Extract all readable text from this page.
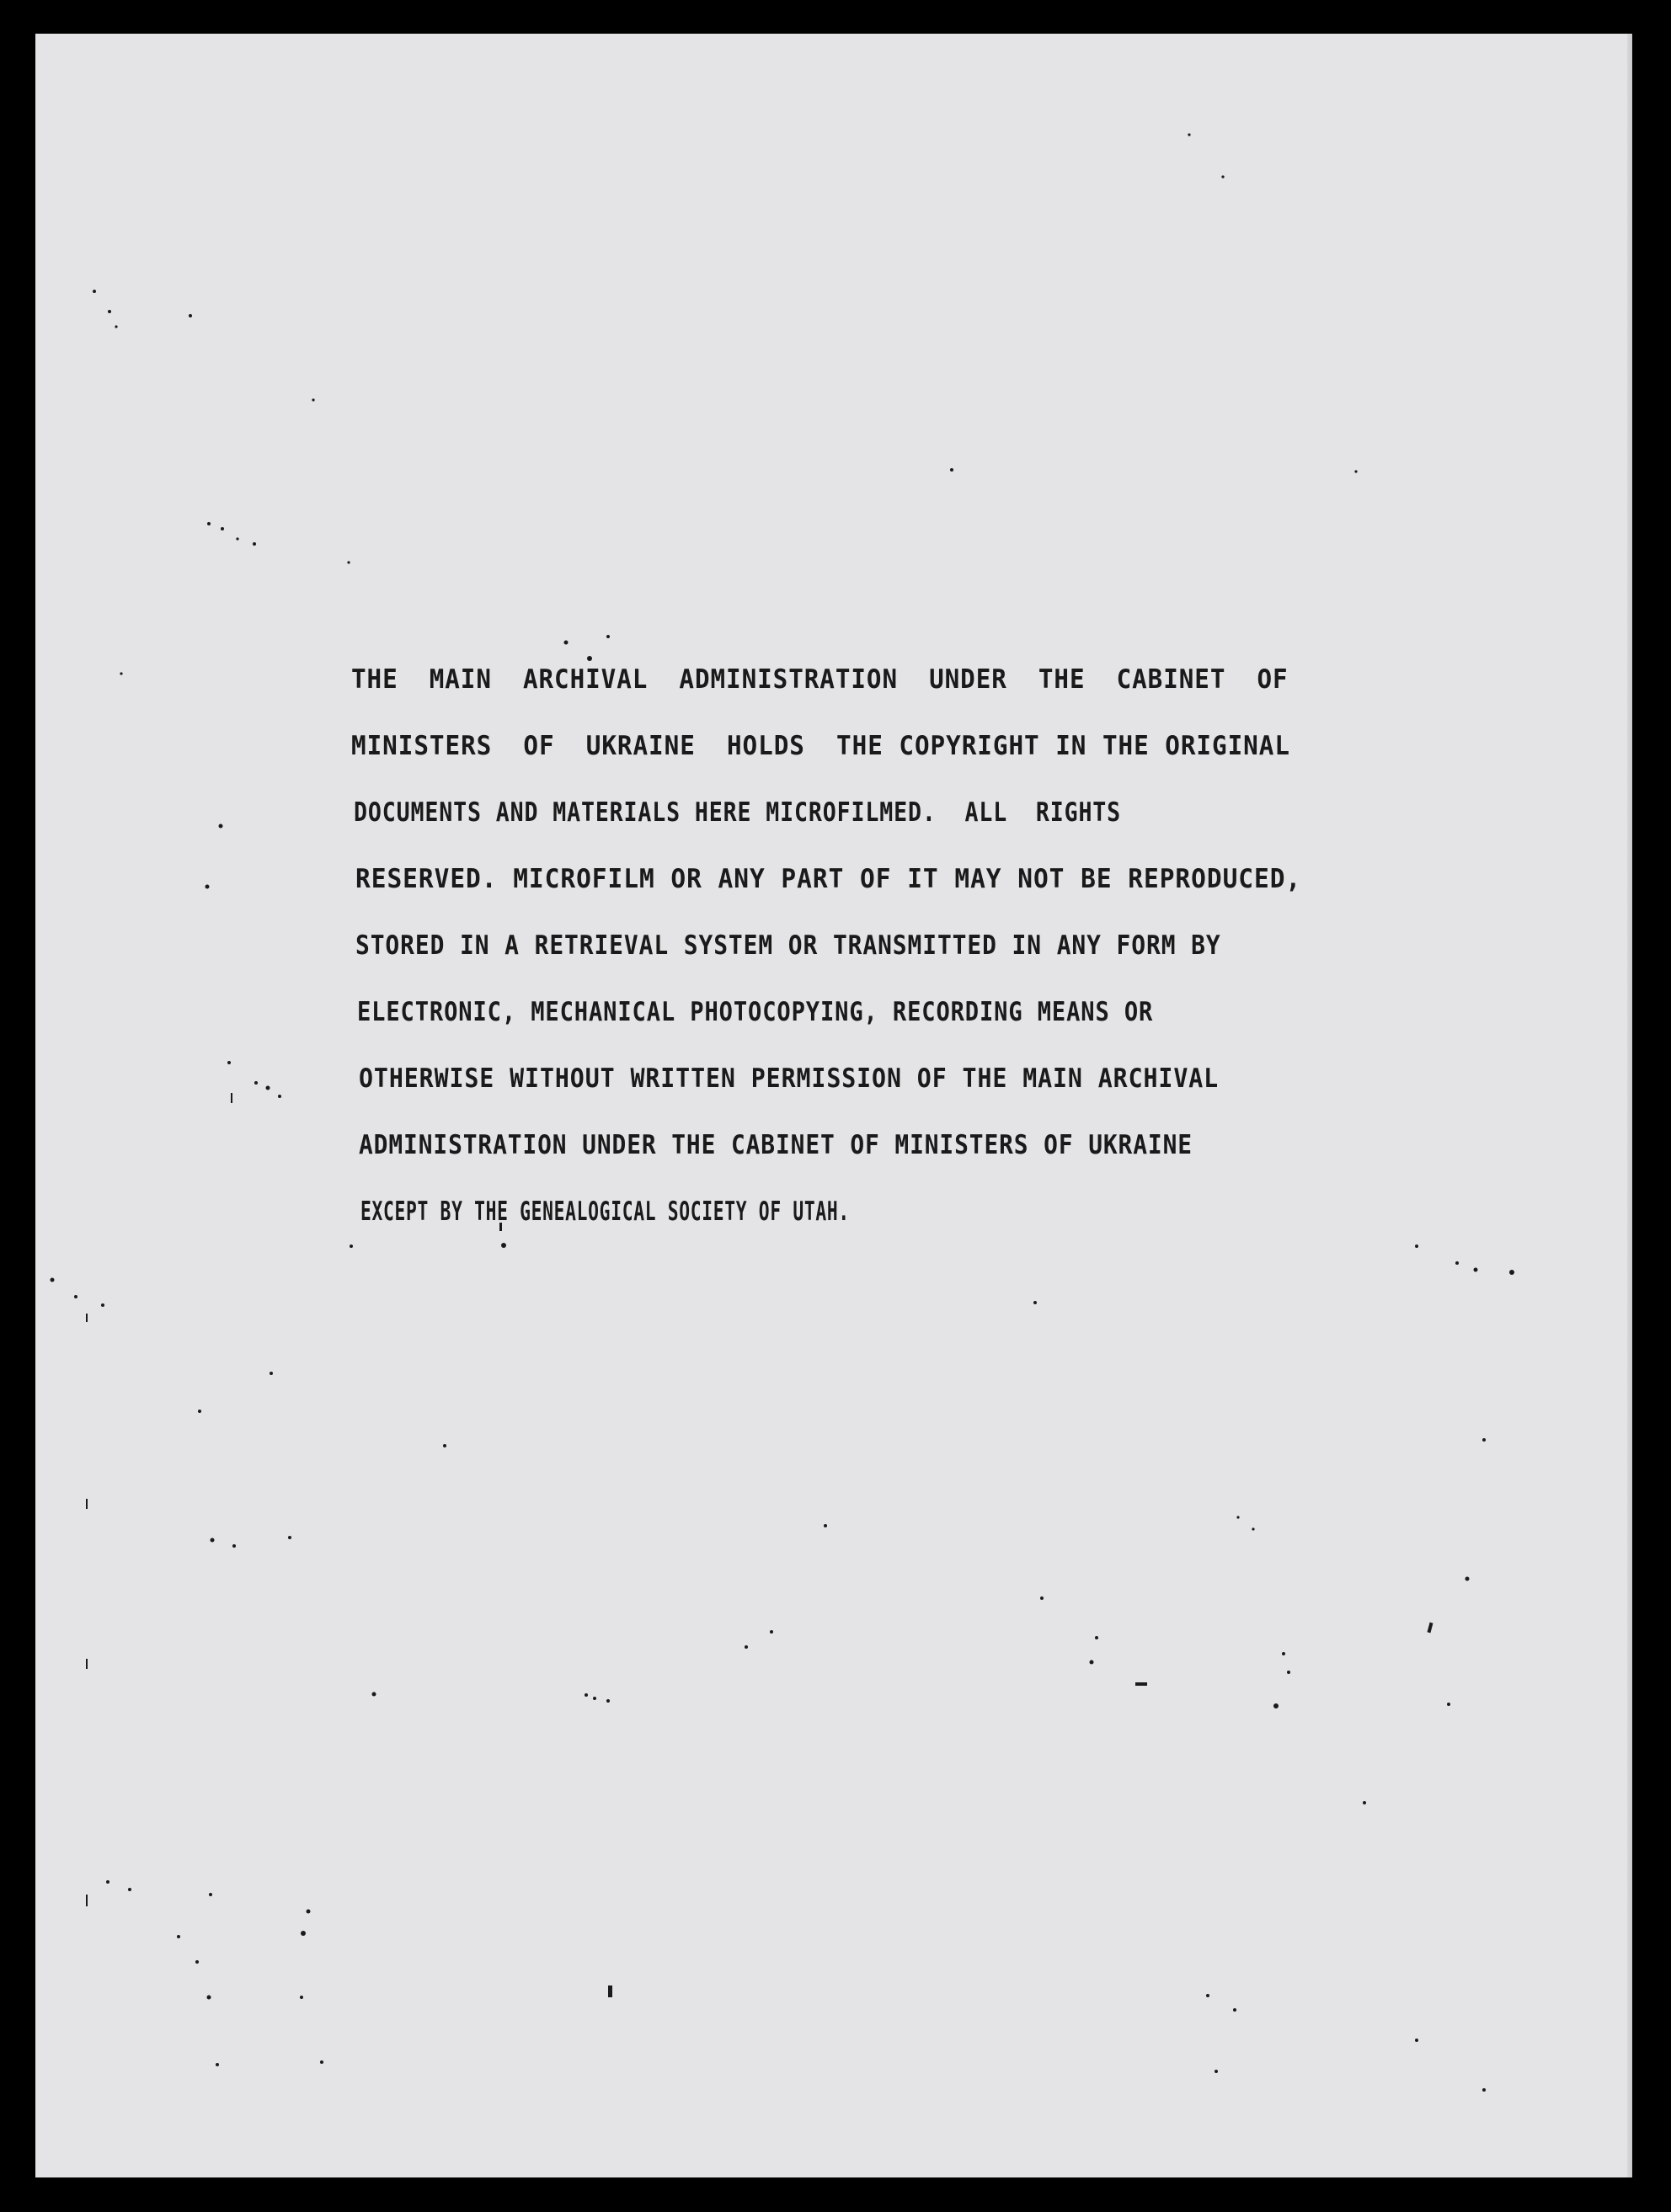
THE  MAIN  ARCHIVAL  ADMINISTRATION  UNDER  THE  CABINET  OF
MINISTERS  OF  UKRAINE  HOLDS  THE COPYRIGHT IN THE ORIGINAL
DOCUMENTS AND MATERIALS HERE MICROFILMED.  ALL  RIGHTS
RESERVED. MICROFILM OR ANY PART OF IT MAY NOT BE REPRODUCED,
STORED IN A RETRIEVAL SYSTEM OR TRANSMITTED IN ANY FORM BY
ELECTRONIC, MECHANICAL PHOTOCOPYING, RECORDING MEANS OR
OTHERWISE WITHOUT WRITTEN PERMISSION OF THE MAIN ARCHIVAL
ADMINISTRATION UNDER THE CABINET OF MINISTERS OF UKRAINE
EXCEPT BY THE GENEALOGICAL SOCIETY OF UTAH.
